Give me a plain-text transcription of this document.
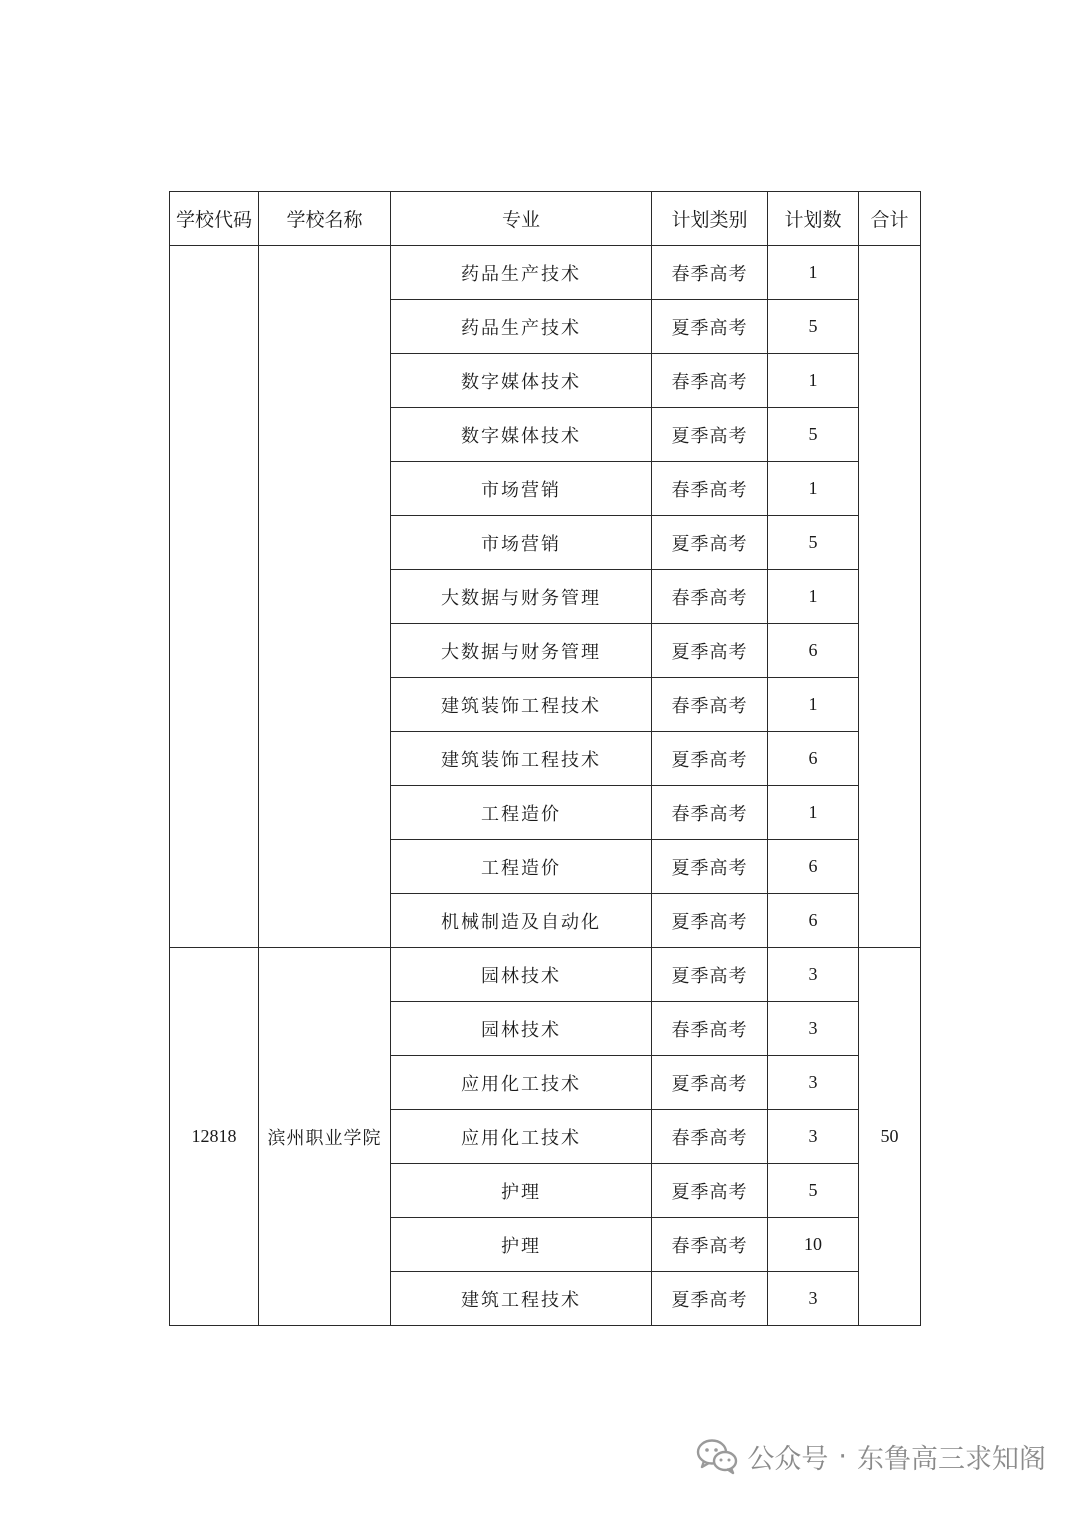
学校代码	学校名称	专业	计划类别	计划数	合计
		药品生产技术	春季高考	1	
		药品生产技术	夏季高考	5	
		数字媒体技术	春季高考	1	
		数字媒体技术	夏季高考	5	
		市场营销	春季高考	1	
		市场营销	夏季高考	5	
		大数据与财务管理	春季高考	1	
		大数据与财务管理	夏季高考	6	
		建筑装饰工程技术	春季高考	1	
		建筑装饰工程技术	夏季高考	6	
		工程造价	春季高考	1	
		工程造价	夏季高考	6	
		机械制造及自动化	夏季高考	6	
12818	滨州职业学院	园林技术	夏季高考	3	50
		园林技术	春季高考	3	
		应用化工技术	夏季高考	3	
		应用化工技术	春季高考	3	
		护理	夏季高考	5	
		护理	春季高考	10	
		建筑工程技术	夏季高考	3	
公众号 · 东鲁高三求知阁
